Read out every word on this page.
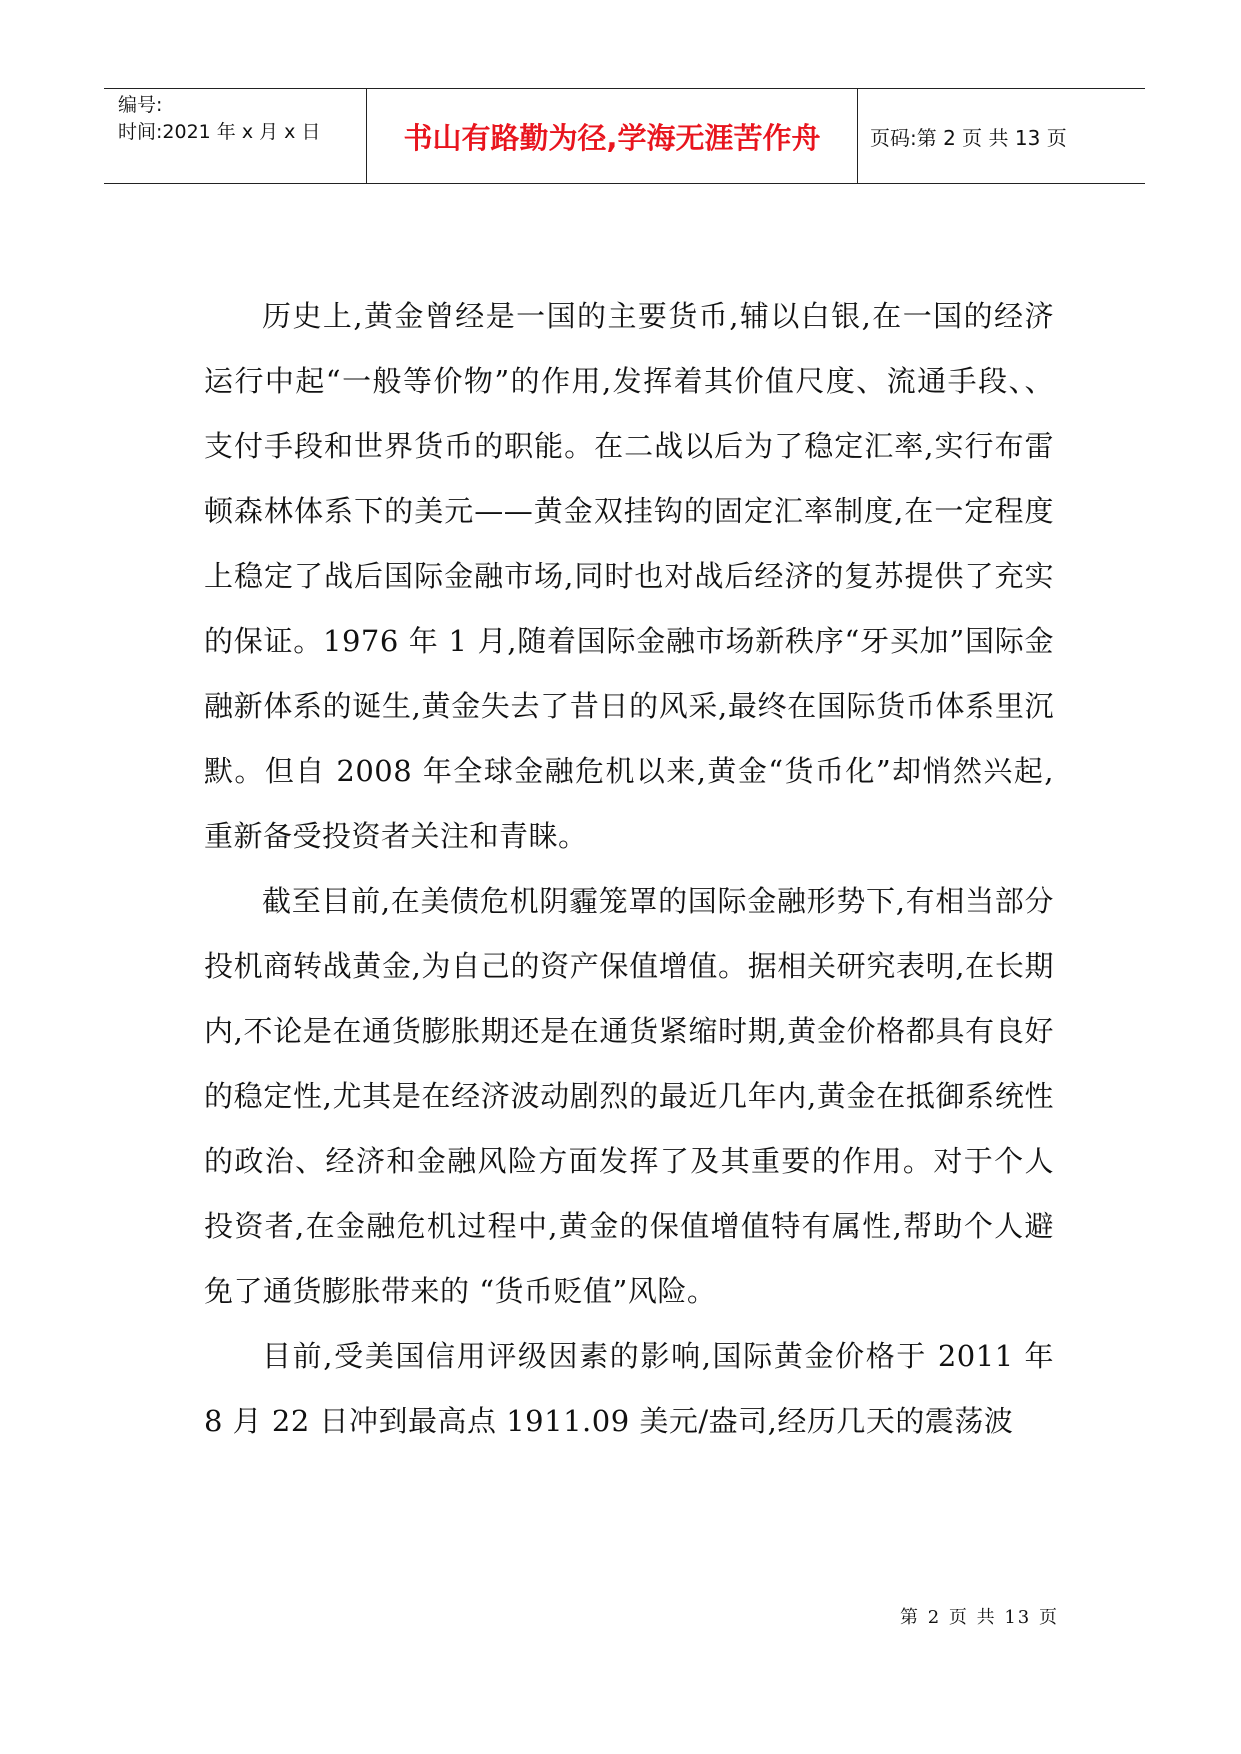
编号:
时间:2021 年 x 月 x 日	书山有路勤为径,学海无涯苦作舟	页码:第 2 页 共 13 页

历史上,黄金曾经是一国的主要货币,辅以白银,在一国的经济运行中起“一般等价物”的作用,发挥着其价值尺度、流通手段、、支付手段和世界货币的职能。在二战以后为了稳定汇率,实行布雷顿森林体系下的美元——黄金双挂钩的固定汇率制度,在一定程度上稳定了战后国际金融市场,同时也对战后经济的复苏提供了充实的保证。1976 年 1 月,随着国际金融市场新秩序“牙买加”国际金融新体系的诞生,黄金失去了昔日的风采,最终在国际货币体系里沉默。但自 2008 年全球金融危机以来,黄金“货币化”却悄然兴起,重新备受投资者关注和青睐。

截至目前,在美债危机阴霾笼罩的国际金融形势下,有相当部分投机商转战黄金,为自己的资产保值增值。据相关研究表明,在长期内,不论是在通货膨胀期还是在通货紧缩时期,黄金价格都具有良好的稳定性,尤其是在经济波动剧烈的最近几年内,黄金在抵御系统性的政治、经济和金融风险方面发挥了及其重要的作用。对于个人投资者,在金融危机过程中,黄金的保值增值特有属性,帮助个人避免了通货膨胀带来的 “货币贬值”风险。

目前,受美国信用评级因素的影响,国际黄金价格于 2011 年 8 月 22 日冲到最高点 1911.09 美元/盎司,经历几天的震荡波

第 2 页 共 13 页
